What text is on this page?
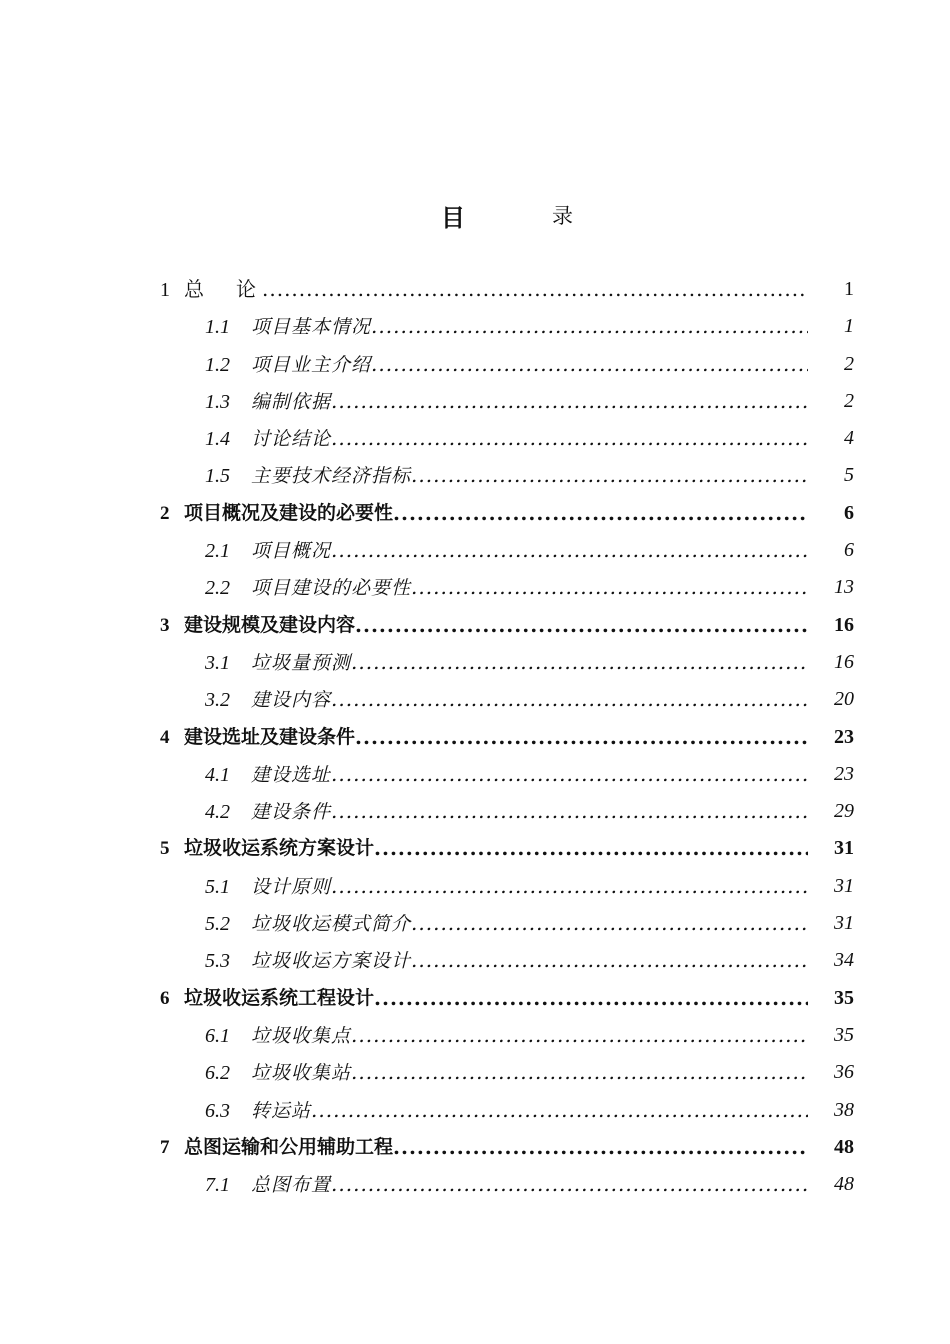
目	录
1 总　论 .....	1
1.1 项目基本情况 .....	1
1.2 项目业主介绍 .....	2
1.3 编制依据 .....	2
1.4 讨论结论 .....	4
1.5 主要技术经济指标 .....	5
2 项目概况及建设的必要性 .....	6
2.1 项目概况 .....	6
2.2 项目建设的必要性 .....	13
3 建设规模及建设内容 .....	16
3.1 垃圾量预测 .....	16
3.2 建设内容 .....	20
4 建设选址及建设条件 .....	23
4.1 建设选址 .....	23
4.2 建设条件 .....	29
5 垃圾收运系统方案设计 .....	31
5.1 设计原则 .....	31
5.2 垃圾收运模式简介 .....	31
5.3 垃圾收运方案设计 .....	34
6 垃圾收运系统工程设计 .....	35
6.1 垃圾收集点 .....	35
6.2 垃圾收集站 .....	36
6.3 转运站 .....	38
7 总图运输和公用辅助工程 .....	48
7.1 总图布置 .....	48
